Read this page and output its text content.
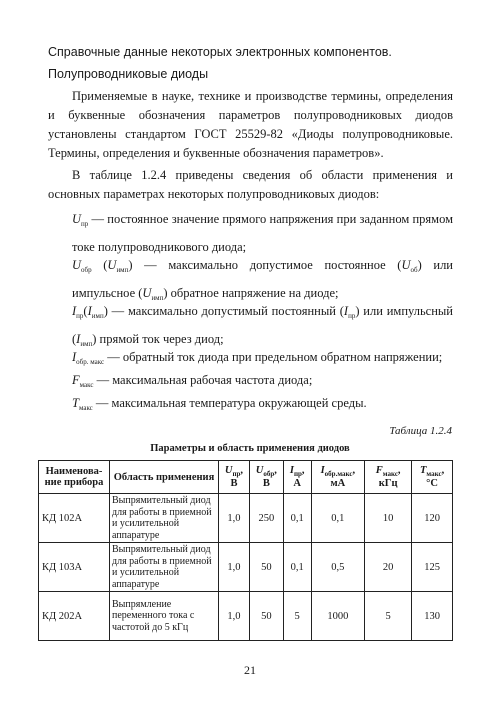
Справочные данные некоторых электронных компонентов.
Полупроводниковые диоды
Применяемые в науке, технике и производстве термины, определения и буквенные обозначения параметров полупроводниковых диодов установлены стандартом ГОСТ 25529-82 «Диоды полупроводниковые. Термины, определения и буквенные обозначения параметров».
В таблице 1.2.4 приведены сведения об области применения и основных параметрах некоторых полупроводниковых диодов:
$U_{пр}$ — постоянное значение прямого напряжения при заданном прямом токе полупроводникового диода;
$U_{обр}$ $(U_{имп})$ — максимально допустимое постоянное $(U_{об})$ или импульсное $(U_{имп})$ обратное напряжение на диоде;
$I_{пр}(I_{имп})$ — максимально допустимый постоянный $(I_{пр})$ или импульсный $(I_{имп})$ прямой ток через диод;
$I_{обр. макс}$ — обратный ток диода при предельном обратном напряжении;
$F_{макс}$ — максимальная рабочая частота диода;
$T_{макс}$ — максимальная температура окружающей среды.
Таблица 1.2.4
Параметры и область применения диодов
Наименова-ние прибора	Область применения	$U_{пр}$, В	$U_{обр}$, В	$I_{пр}$, А	$I_{обр.макс}$, мА	$F_{макс}$, кГц	$T_{макс}$, °С
КД 102А	Выпрямительный диод для работы в приемной и усилительной аппаратуре	1,0	250	0,1	0,1	10	120
КД 103А	Выпрямительный диод для работы в приемной и усилительной аппаратуре	1,0	50	0,1	0,5	20	125
КД 202А	Выпрямление переменного тока с частотой до 5 кГц	1,0	50	5	1000	5	130
21
